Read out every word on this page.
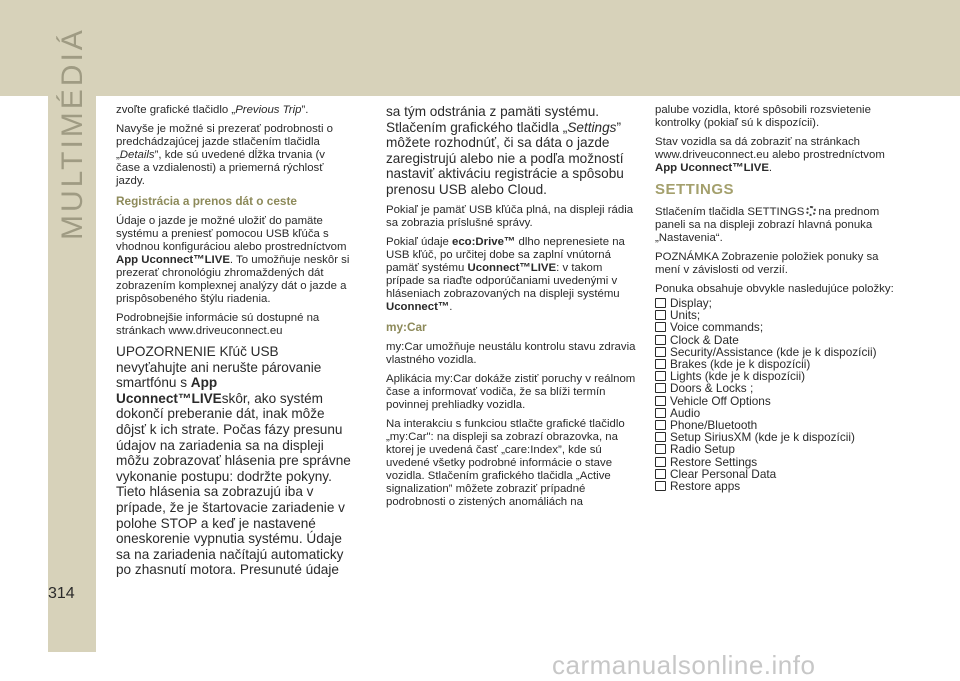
MULTIMÉDIÁ zvoľte grafické tlačidlo „Previous Trip”.

Navyše je možné si prezerať podrobnosti o predchádzajúcej jazde stlačením tlačidla „Details”, kde sú uvedené dĺžka trvania (v čase a vzdialenosti) a priemerná rýchlosť jazdy.

Registrácia a prenos dát o ceste

Údaje o jazde je možné uložiť do pamäte systému a preniesť pomocou USB kľúča s vhodnou konfiguráciou alebo prostredníctvom App Uconnect™LIVE. To umožňuje neskôr si prezerať chronológiu zhromaždených dát zobrazením komplexnej analýzy dát o jazde a prispôsobeného štýlu riadenia.

Podrobnejšie informácie sú dostupné na stránkach www.driveuconnect.eu

UPOZORNENIE Kľúč USB nevyťahujte ani nerušte párovanie smartfónu s App Uconnect™LIVEskôr, ako systém dokončí preberanie dát, inak môže dôjsť k ich strate. Počas fázy presunu údajov na zariadenia sa na displeji môžu zobrazovať hlásenia pre správne vykonanie postupu: dodržte pokyny. Tieto hlásenia sa zobrazujú iba v prípade, že je štartovacie zariadenie v polohe STOP a keď je nastavené oneskorenie vypnutia systému. Údaje sa na zariadenia načítajú automaticky po zhasnutí motora. Presunuté údaje

sa tým odstránia z pamäti systému. Stlačením grafického tlačidla „Settings” môžete rozhodnúť, či sa dáta o jazde zaregistrujú alebo nie a podľa možností nastaviť aktiváciu registrácie a spôsobu prenosu USB alebo Cloud.

Pokiaľ je pamäť USB kľúča plná, na displeji rádia sa zobrazia príslušné správy.

Pokiaľ údaje eco:Drive™ dlho neprenesiete na USB kľúč, po určitej dobe sa zaplní vnútorná pamäť systému Uconnect™LIVE: v takom prípade sa riaďte odporúčaniami uvedenými v hláseniach zobrazovaných na displeji systému Uconnect™.

my:Car

my:Car umožňuje neustálu kontrolu stavu zdravia vlastného vozidla.

Aplikácia my:Car dokáže zistiť poruchy v reálnom čase a informovať vodiča, že sa blíži termín povinnej prehliadky vozidla.

Na interakciu s funkciou stlačte grafické tlačidlo „my:Car": na displeji sa zobrazí obrazovka, na ktorej je uvedená časť „care:Index”, kde sú uvedené všetky podrobné informácie o stave vozidla. Stlačením grafického tlačidla „Active signalization” môžete zobraziť prípadné podrobnosti o zistených anomáliách na

palube vozidla, ktoré spôsobili rozsvietenie kontrolky (pokiaľ sú k dispozícii).

Stav vozidla sa dá zobraziť na stránkach www.driveuconnect.eu alebo prostredníctvom App Uconnect™LIVE.

SETTINGS

Stlačením tlačidla SETTINGS na prednom paneli sa na displeji zobrazí hlavná ponuka „Nastavenia“.

POZNÁMKA Zobrazenie položiek ponuky sa mení v závislosti od verzií.

Ponuka obsahuje obvykle nasledujúce položky:

Display;
Units;
Voice commands;
Clock & Date
Security/Assistance (kde je k dispozícii)
Brakes (kde je k dispozícii)
Lights (kde je k dispozícii)
Doors & Locks ;
Vehicle Off Options
Audio
Phone/Bluetooth
Setup SiriusXM (kde je k dispozícii)
Radio Setup
Restore Settings
Clear Personal Data
Restore apps
314
carmanualsonline.info
